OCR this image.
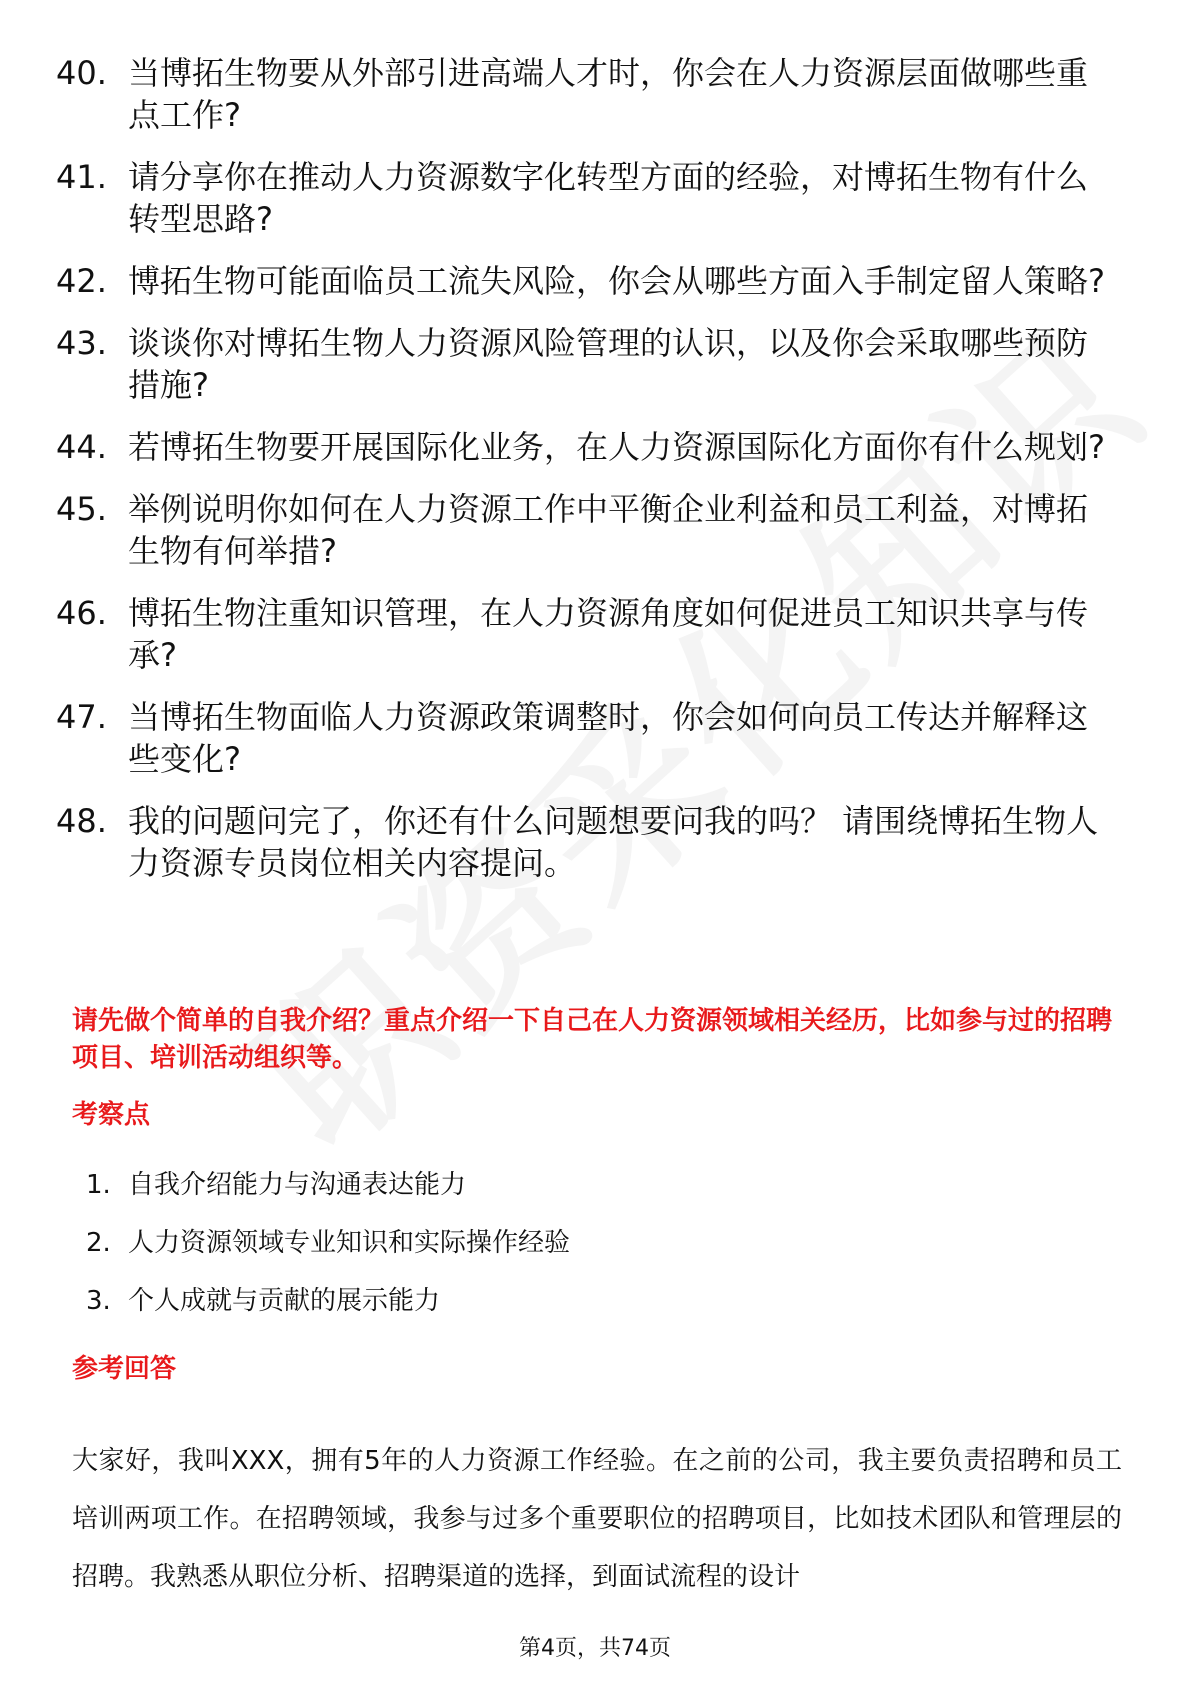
40. 当博拓生物要从外部引进高端人才时，你会在人力资源层面做哪些重点工作?
41. 请分享你在推动人力资源数字化转型方面的经验，对博拓生物有什么转型思路?
42. 博拓生物可能面临员工流失风险，你会从哪些方面入手制定留人策略?
43. 谈谈你对博拓生物人力资源风险管理的认识，以及你会采取哪些预防措施?
44. 若博拓生物要开展国际化业务，在人力资源国际化方面你有什么规划?
45. 举例说明你如何在人力资源工作中平衡企业利益和员工利益，对博拓生物有何举措?
46. 博拓生物注重知识管理，在人力资源角度如何促进员工知识共享与传承?
47. 当博拓生物面临人力资源政策调整时，你会如何向员工传达并解释这些变化?
48. 我的问题问完了，你还有什么问题想要问我的吗？ 请围绕博拓生物人力资源专员岗位相关内容提问。
请先做个简单的自我介绍？重点介绍一下自己在人力资源领域相关经历，比如参与过的招聘项目、培训活动组织等。
考察点
1. 自我介绍能力与沟通表达能力
2. 人力资源领域专业知识和实际操作经验
3. 个人成就与贡献的展示能力
参考回答
大家好，我叫XXX，拥有5年的人力资源工作经验。在之前的公司，我主要负责招聘和员工培训两项工作。在招聘领域，我参与过多个重要职位的招聘项目，比如技术团队和管理层的招聘。我熟悉从职位分析、招聘渠道的选择，到面试流程的设计
第4页，共74页
